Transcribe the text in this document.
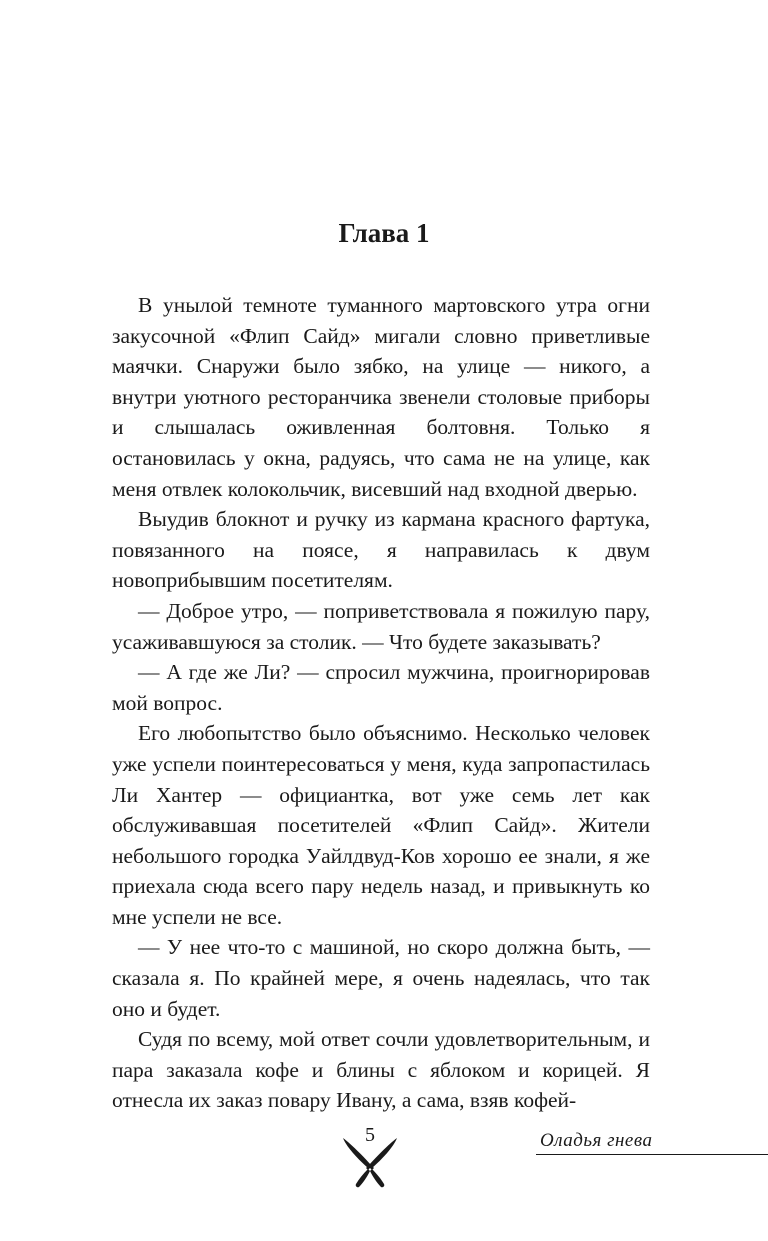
Глава 1

В унылой темноте туманного мартовского утра огни закусочной «Флип Сайд» мигали словно приветливые маячки. Снаружи было зябко, на улице — никого, а внутри уютного ресторанчика звенели столовые приборы и слышалась оживленная болтовня. Только я остановилась у окна, радуясь, что сама не на улице, как меня отвлек колокольчик, висевший над входной дверью.

Выудив блокнот и ручку из кармана красного фартука, повязанного на поясе, я направилась к двум новоприбывшим посетителям.

— Доброе утро, — поприветствовала я пожилую пару, усаживавшуюся за столик. — Что будете заказывать?

— А где же Ли? — спросил мужчина, проигнорировав мой вопрос.

Его любопытство было объяснимо. Несколько человек уже успели поинтересоваться у меня, куда запропастилась Ли Хантер — официантка, вот уже семь лет как обслуживавшая посетителей «Флип Сайд». Жители небольшого городка Уайлдвуд-Ков хорошо ее знали, я же приехала сюда всего пару недель назад, и привыкнуть ко мне успели не все.

— У нее что-то с машиной, но скоро должна быть, — сказала я. По крайней мере, я очень надеялась, что так оно и будет.

Судя по всему, мой ответ сочли удовлетворительным, и пара заказала кофе и блины с яблоком и корицей. Я отнесла их заказ повару Ивану, а сама, взяв кофей-

5	Оладья гнева
